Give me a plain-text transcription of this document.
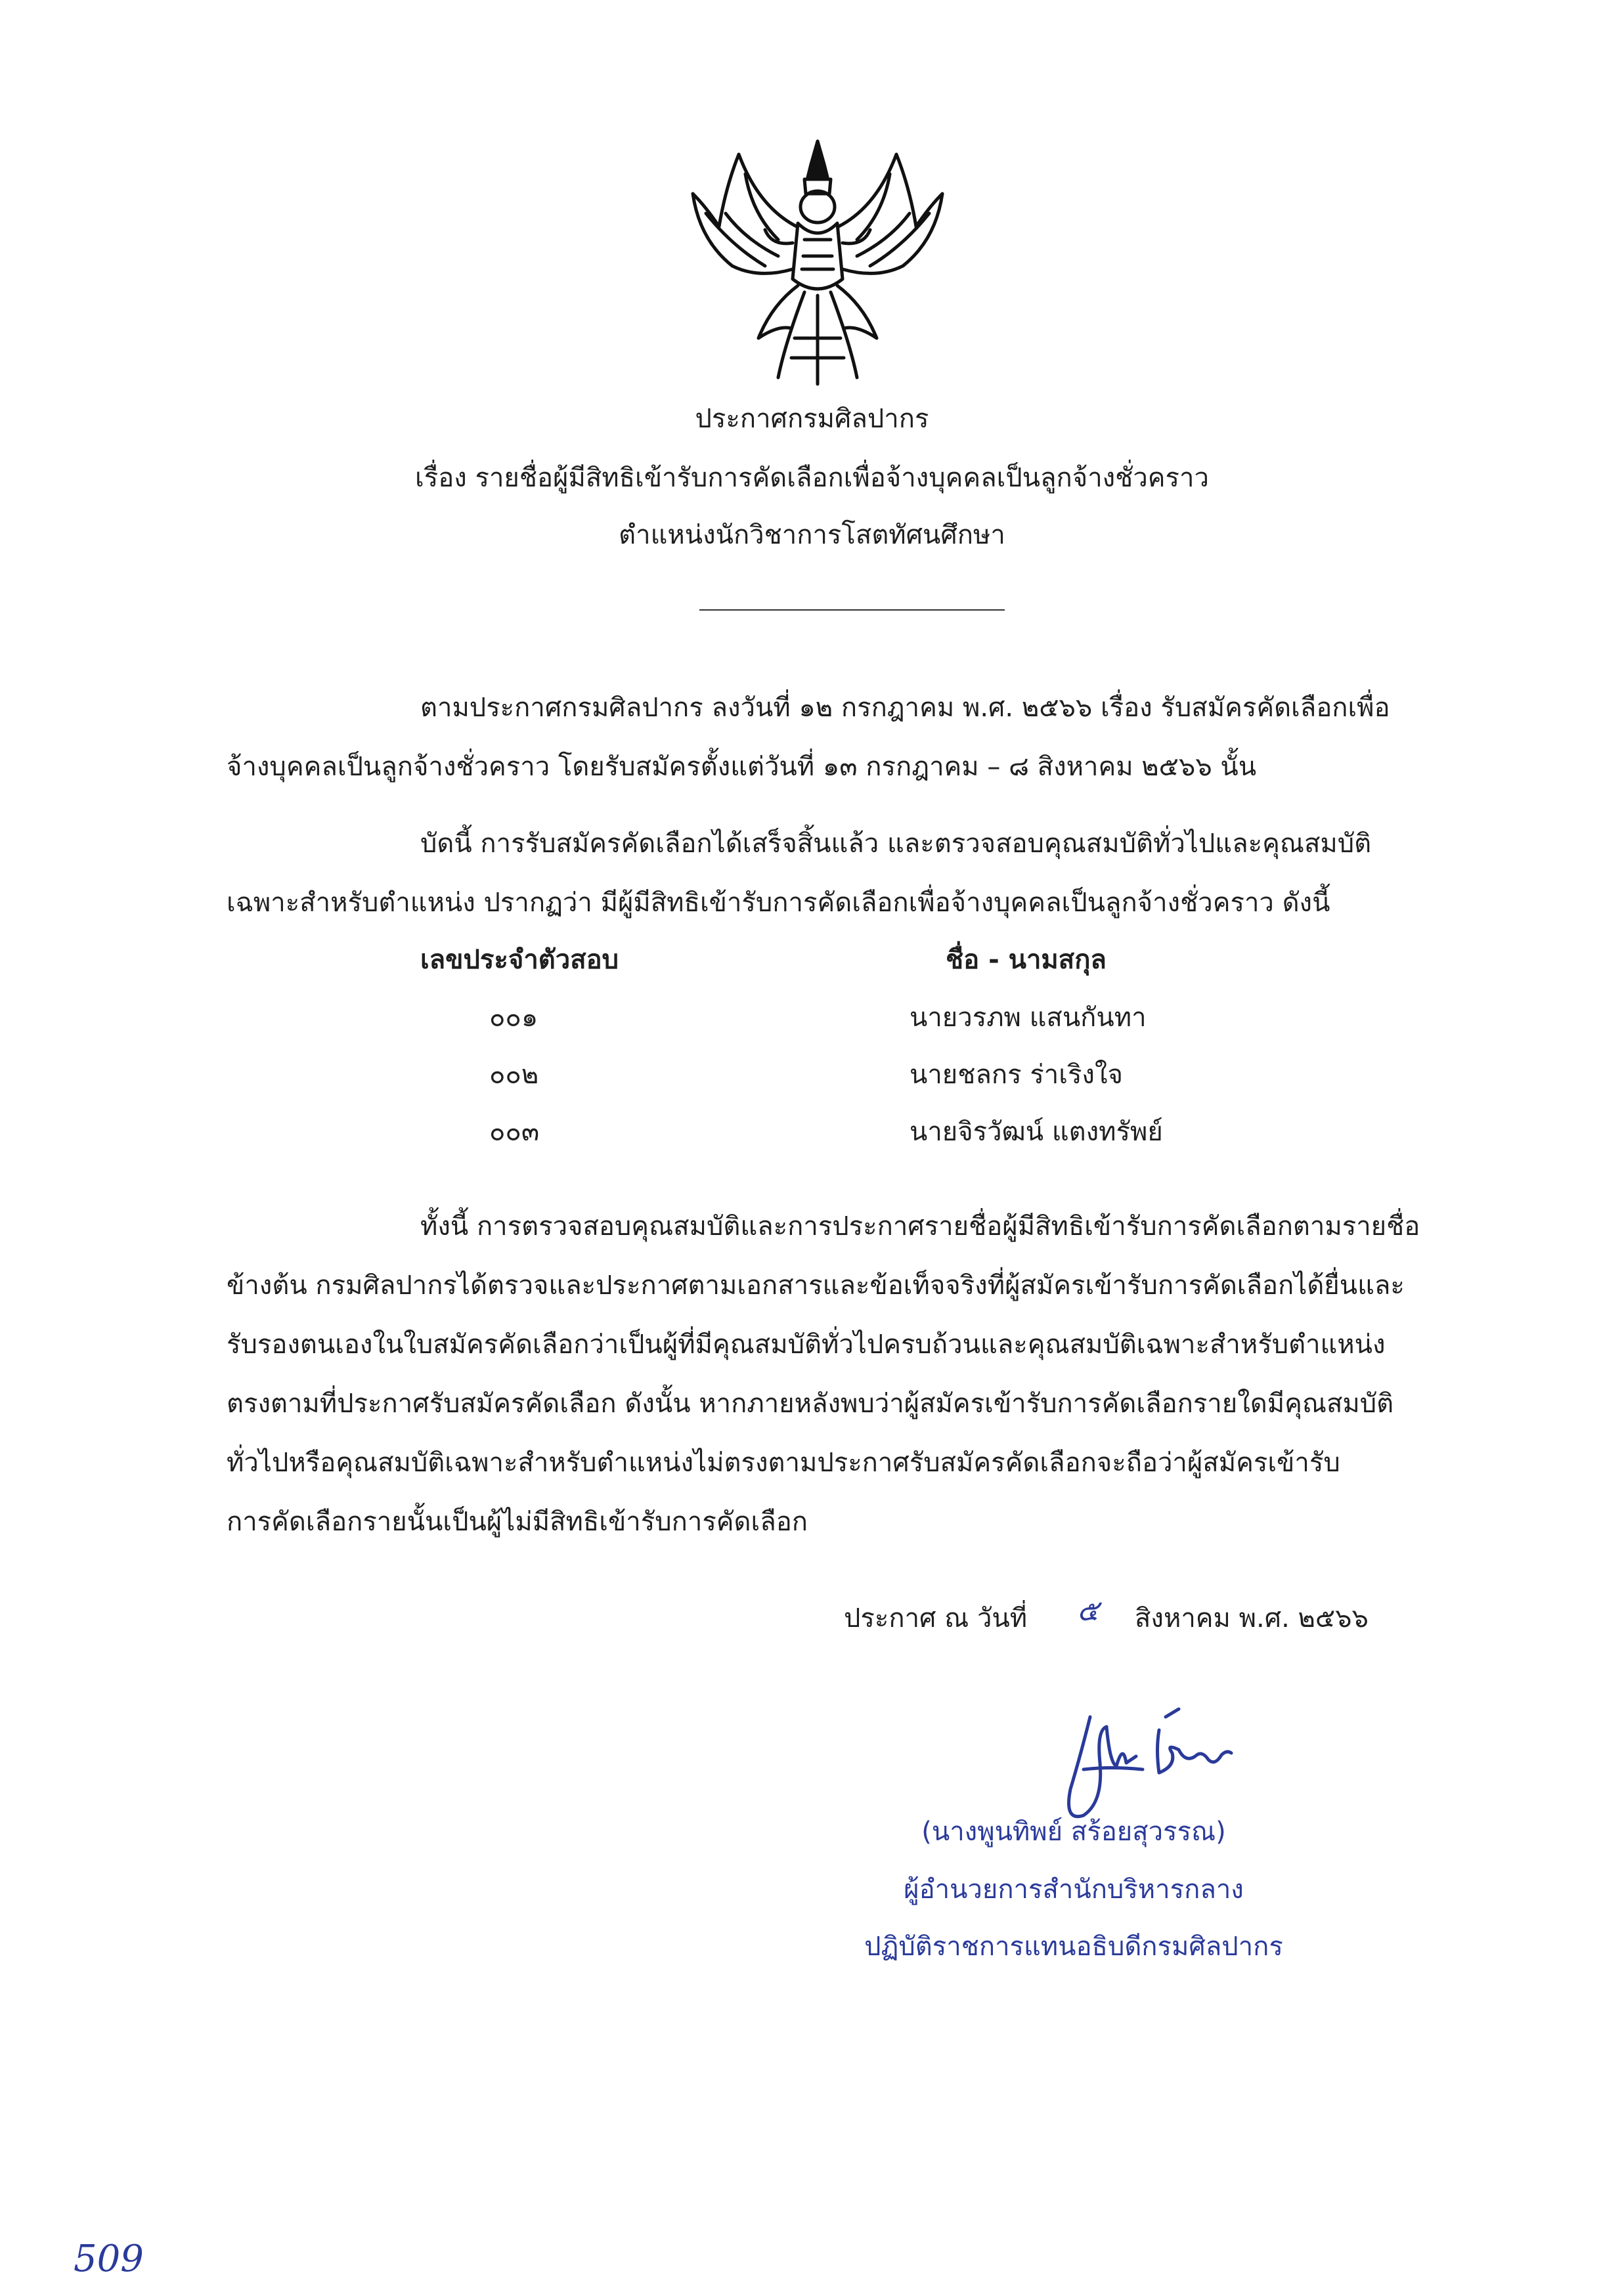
ประกาศกรมศิลปากร
เรื่อง รายชื่อผู้มีสิทธิเข้ารับการคัดเลือกเพื่อจ้างบุคคลเป็นลูกจ้างชั่วคราว
ตำแหน่งนักวิชาการโสตทัศนศึกษา
ตามประกาศกรมศิลปากร ลงวันที่ ๑๒ กรกฎาคม พ.ศ. ๒๕๖๖ เรื่อง รับสมัครคัดเลือกเพื่อ
จ้างบุคคลเป็นลูกจ้างชั่วคราว โดยรับสมัครตั้งแต่วันที่ ๑๓ กรกฎาคม – ๘ สิงหาคม ๒๕๖๖ นั้น
บัดนี้ การรับสมัครคัดเลือกได้เสร็จสิ้นแล้ว และตรวจสอบคุณสมบัติทั่วไปและคุณสมบัติ
เฉพาะสำหรับตำแหน่ง ปรากฏว่า มีผู้มีสิทธิเข้ารับการคัดเลือกเพื่อจ้างบุคคลเป็นลูกจ้างชั่วคราว ดังนี้
เลขประจำตัวสอบ	ชื่อ - นามสกุล
๐๐๑	นายวรภพ แสนกันทา
๐๐๒	นายชลกร ร่าเริงใจ
๐๐๓	นายจิรวัฒน์ แตงทรัพย์
ทั้งนี้ การตรวจสอบคุณสมบัติและการประกาศรายชื่อผู้มีสิทธิเข้ารับการคัดเลือกตามรายชื่อ
ข้างต้น กรมศิลปากรได้ตรวจและประกาศตามเอกสารและข้อเท็จจริงที่ผู้สมัครเข้ารับการคัดเลือกได้ยื่นและ
รับรองตนเองในใบสมัครคัดเลือกว่าเป็นผู้ที่มีคุณสมบัติทั่วไปครบถ้วนและคุณสมบัติเฉพาะสำหรับตำแหน่ง
ตรงตามที่ประกาศรับสมัครคัดเลือก ดังนั้น หากภายหลังพบว่าผู้สมัครเข้ารับการคัดเลือกรายใดมีคุณสมบัติ
ทั่วไปหรือคุณสมบัติเฉพาะสำหรับตำแหน่งไม่ตรงตามประกาศรับสมัครคัดเลือกจะถือว่าผู้สมัครเข้ารับ
การคัดเลือกรายนั้นเป็นผู้ไม่มีสิทธิเข้ารับการคัดเลือก
ประกาศ ณ วันที่ ๕ สิงหาคม พ.ศ. ๒๕๖๖
(นางพูนทิพย์ สร้อยสุวรรณ)
ผู้อำนวยการสำนักบริหารกลาง
ปฏิบัติราชการแทนอธิบดีกรมศิลปากร
509
